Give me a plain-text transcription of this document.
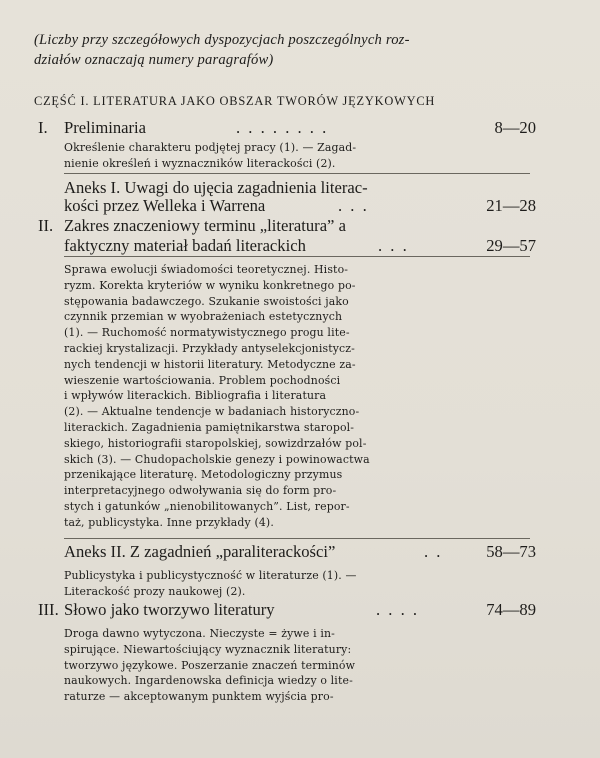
(Liczby przy szczegółowych dyspozycjach poszczególnych roz-
działów oznaczają numery paragrafów)
CZĘŚĆ I. LITERATURA JAKO OBSZAR TWORÓW JĘZYKOWYCH
I. Preliminaria	. . . . . . . .	8—20
Określenie charakteru podjętej pracy (1). — Zagad-
nienie określeń i wyznaczników literackości (2).
Aneks I. Uwagi do ujęcia zagadnienia literac-
kości przez Welleka i Warrena	. . .	21—28
II. Zakres znaczeniowy terminu „literatura” a
faktyczny materiał badań literackich	. . .	29—57
Sprawa ewolucji świadomości teoretycznej. Histo-
ryzm. Korekta kryteriów w wyniku konkretnego po-
stępowania badawczego. Szukanie swoistości jako
czynnik przemian w wyobrażeniach estetycznych
(1). — Ruchomość normatywistycznego progu lite-
rackiej krystalizacji. Przykłady antyselekcjonistycz-
nych tendencji w historii literatury. Metodyczne za-
wieszenie wartościowania. Problem pochodności
i wpływów literackich. Bibliografia i literatura
(2). — Aktualne tendencje w badaniach historyczno-
literackich. Zagadnienia pamiętnikarstwa staropol-
skiego, historiografii staropolskiej, sowizdrzałów pol-
skich (3). — Chudopacholskie genezy i powinowactwa
przenikające literaturę. Metodologiczny przymus
interpretacyjnego odwoływania się do form pro-
stych i gatunków „nienobilitowanych”. List, repor-
taż, publicystyka. Inne przykłady (4).
Aneks II. Z zagadnień „paraliterackości”	. .	58—73
Publicystyka i publicystyczność w literaturze (1). —
Literackość prozy naukowej (2).
III. Słowo jako tworzywo literatury	. . . .	74—89
Droga dawno wytyczona. Nieczyste = żywe i in-
spirujące. Niewartościujący wyznacznik literatury:
tworzywo językowe. Poszerzanie znaczeń terminów
naukowych. Ingardenowska definicja wiedzy o lite-
raturze — akceptowanym punktem wyjścia pro-
